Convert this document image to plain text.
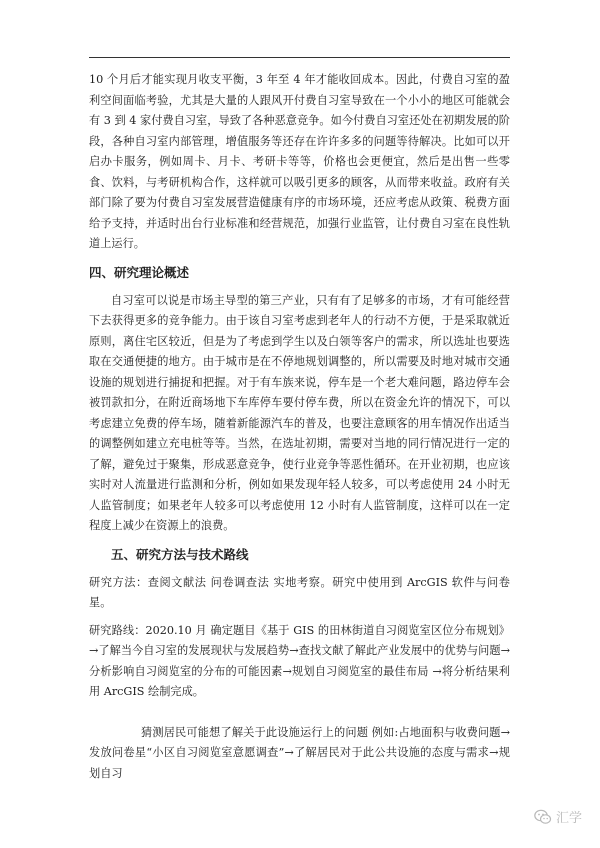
10 个月后才能实现月收支平衡，3 年至 4 年才能收回成本。因此，付费自习室的盈利空间面临考验，尤其是大量的人跟风开付费自习室导致在一个小小的地区可能就会有 3 到 4 家付费自习室，导致了各种恶意竞争。如今付费自习室还处在初期发展的阶段，各种自习室内部管理，增值服务等还存在许许多多的问题等待解决。比如可以开启办卡服务，例如周卡、月卡、考研卡等等，价格也会更便宜，然后是出售一些零食、饮料，与考研机构合作，这样就可以吸引更多的顾客，从而带来收益。政府有关部门除了要为付费自习室发展营造健康有序的市场环境，还应考虑从政策、税费方面给予支持，并适时出台行业标准和经营规范，加强行业监管，让付费自习室在良性轨道上运行。

四、研究理论概述

自习室可以说是市场主导型的第三产业，只有有了足够多的市场，才有可能经营下去获得更多的竞争能力。由于该自习室考虑到老年人的行动不方便，于是采取就近原则，离住宅区较近，但是为了考虑到学生以及白领等客户的需求，所以选址也要选取在交通便捷的地方。由于城市是在不停地规划调整的，所以需要及时地对城市交通设施的规划进行捕捉和把握。对于有车族来说，停车是一个老大难问题，路边停车会被罚款扣分，在附近商场地下车库停车要付停车费，所以在资金允许的情况下，可以考虑建立免费的停车场，随着新能源汽车的普及，也要注意顾客的用车情况作出适当的调整例如建立充电桩等等。当然，在选址初期，需要对当地的同行情况进行一定的了解，避免过于聚集，形成恶意竞争，使行业竞争等恶性循环。在开业初期，也应该实时对人流量进行监测和分析，例如如果发现年轻人较多，可以考虑使用 24 小时无人监管制度；如果老年人较多可以考虑使用 12 小时有人监管制度，这样可以在一定程度上减少在资源上的浪费。

五、研究方法与技术路线

研究方法：查阅文献法 问卷调查法 实地考察。研究中使用到 ArcGIS 软件与问卷星。

研究路线：2020.10 月 确定题目《基于 GIS 的田林街道自习阅览室区位分布规划》→了解当今自习室的发展现状与发展趋势→查找文献了解此产业发展中的优势与问题→分析影响自习阅览室的分布的可能因素→规划自习阅览室的最佳布局 →将分析结果利用 ArcGIS 绘制完成。

猜测居民可能想了解关于此设施运行上的问题 例如:占地面积与收费问题→发放问卷星“小区自习阅览室意愿调查”→了解居民对于此公共设施的态度与需求→规划自习

汇学
